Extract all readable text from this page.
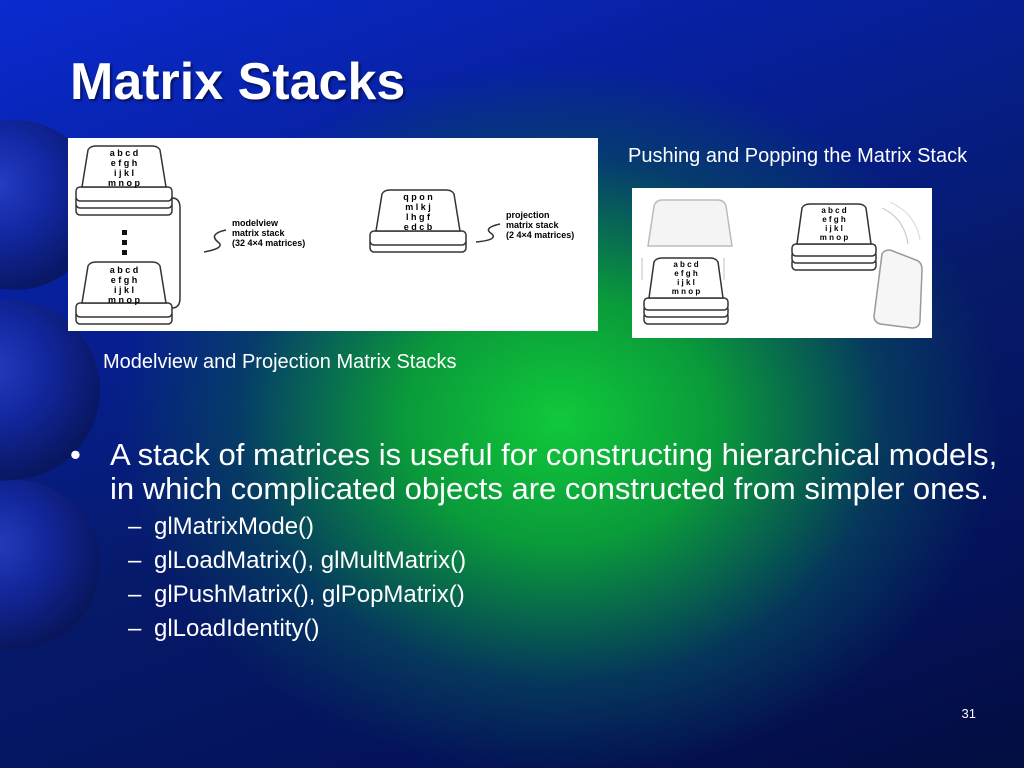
Matrix Stacks
a b c d
e f g h
i j k l
m n o p
a b c d
e f g h
i j k l
m n o p
modelview
matrix stack
(32 4×4 matrices)
q p o n
m l k j
l h g f
e d c b
projection
matrix stack
(2 4×4 matrices)
Modelview and Projection Matrix Stacks
Pushing and Popping the Matrix Stack
a b c d
e f g h
i j k l
m n o p
a b c d
e f g h
i j k l
m n o p
• A stack of matrices is useful for constructing hierarchical models, in which complicated objects are constructed from simpler ones.
– glMatrixMode()
– glLoadMatrix(), glMultMatrix()
– glPushMatrix(), glPopMatrix()
– glLoadIdentity()
31
